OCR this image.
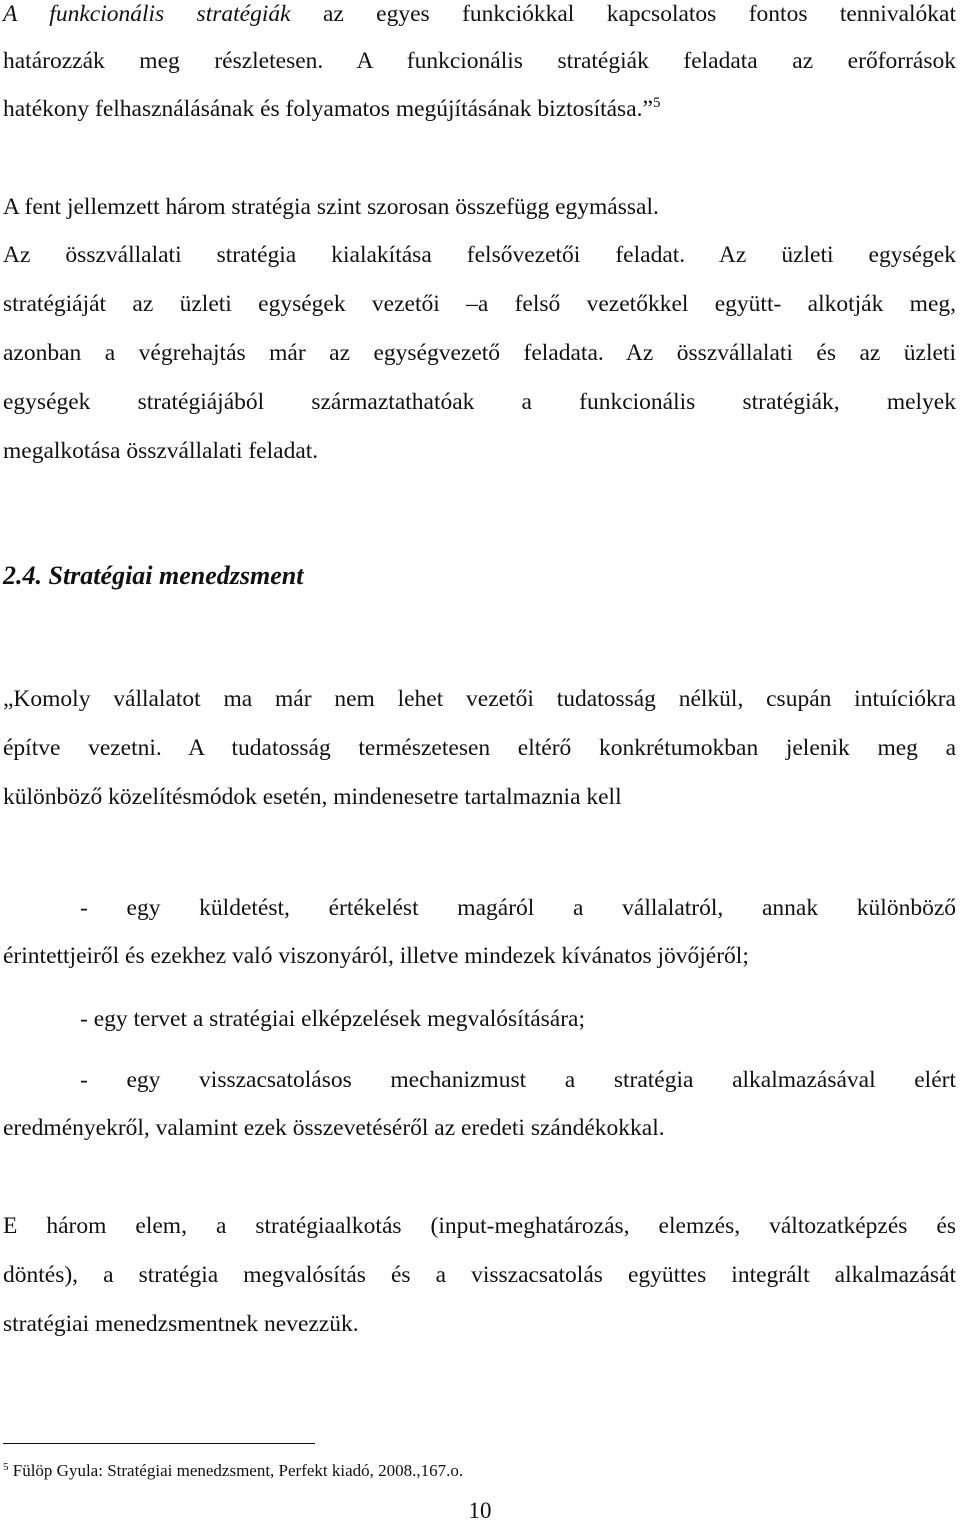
A funkcionális stratégiák az egyes funkciókkal kapcsolatos fontos tennivalókat
határozzák meg részletesen. A funkcionális stratégiák feladata az erőforrások
hatékony felhasználásának és folyamatos megújításának biztosítása.”$^5$
A fent jellemzett három stratégia szint szorosan összefügg egymással.
Az összvállalati stratégia kialakítása felsővezetői feladat. Az üzleti egységek
stratégiáját az üzleti egységek vezetői –a felső vezetőkkel együtt- alkotják meg,
azonban a végrehajtás már az egységvezető feladata. Az összvállalati és az üzleti
egységek stratégiájából származtathatóak a funkcionális stratégiák, melyek
megalkotása összvállalati feladat.
2.4. Stratégiai menedzsment
„Komoly vállalatot ma már nem lehet vezetői tudatosság nélkül, csupán intuíciókra
építve vezetni. A tudatosság természetesen eltérő konkrétumokban jelenik meg a
különböző közelítésmódok esetén, mindenesetre tartalmaznia kell
- egy küldetést, értékelést magáról a vállalatról, annak különböző
érintettjeiről és ezekhez való viszonyáról, illetve mindezek kívánatos jövőjéről;
- egy tervet a stratégiai elképzelések megvalósítására;
- egy visszacsatolásos mechanizmust a stratégia alkalmazásával elért
eredményekről, valamint ezek összevetéséről az eredeti szándékokkal.
E három elem, a stratégiaalkotás (input-meghatározás, elemzés, változatképzés és
döntés), a stratégia megvalósítás és a visszacsatolás együttes integrált alkalmazását
stratégiai menedzsmentnek nevezzük.
$^5$ Fülöp Gyula: Stratégiai menedzsment, Perfekt kiadó, 2008.,167.o.
10
